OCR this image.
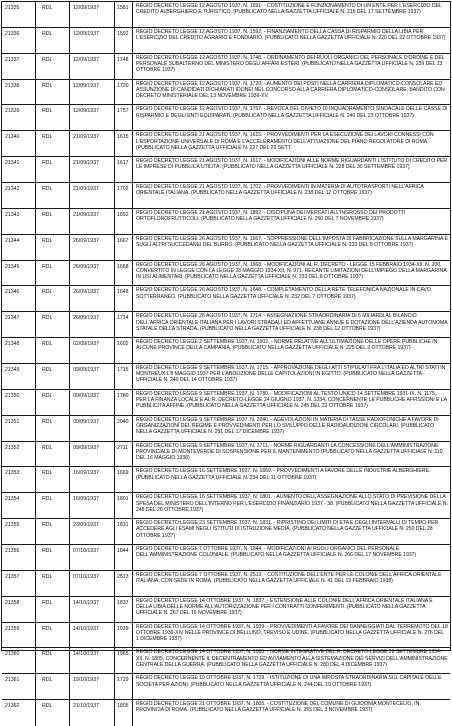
21335	RDL	12/09/1937	1581	REGIO DECRETO LEGGE 12 AGOSTO 1937, N. 1591. - COSTITUZIONE E FUNZIONAMENTO DI UN ENTE PER L'ESERCIZIO DEL CREDITO ALBERGHIERO E TURISTICO. (PUBBLICATO NELLA GAZZETTA UFFICIALE N. 215 DEL 17 SETTEMBRE 1937)
21336	RDL	12/09/1937	1592	REGIO DECRETO LEGGE 12 AGOSTO 1937, N. 1592. - FINANZIAMENTO DELLA CASSA DI RISPARMIO DELLA LIBIA PER L'ESERCIZIO DEL CREDITO AGRARIO E FONDIARIO. (PUBBLICATO NELLA GAZZETTA UFFICIALE N. 220 DEL 22 OTTOBRE 1937)
21337	RDL	12/09/1937	1748	REGIO DECRETO LEGGE 12 AGOSTO 1937, N. 1748. - ORDINAMENTO DEI RUOLI ORGANICI DEL PERSONALE D'ORDINE E DEL PERSONALE SUBALTERNO DEL MINISTERO DEGLI AFFARI ESTERI. (PUBBLICATO NELLA GAZZETTA UFFICIALE N. 239 DEL 13 OTTOBRE 1937)
21338	RDL	12/09/1937	1720	REGIO DECRETO LEGGE 12 AGOSTO 1937, N. 1720. - AUMENTO DEI POSTI NELLA CARRIERA DIPLOMATICO-CONSOLARE ED ASSUNZIONE DI CANDIDATI DICHIARATI IDONEI NEL CONCORSO ALLA CARRIERA DIPLOMATICO-CONSOLARE, BANDITO CON DECRETO MINISTERIALE DEL 13 NOVEMBRE 1936-XV.
21339	RDL	12/09/1937	1757	REGIO DECRETO LEGGE 12 AGOSTO 1937, N. 1757. - REVOCA DEL DIVIETO DI INQUADRAMENTO SINDACALE DELLE CASSE DI RISPARMIO E DEGLI ENTI EQUIPARATI. (PUBBLICATO NELLA GAZZETTA UFFICIALE N. 240 DEL 23 OTTOBRE 1937)
21340	RDL	21/09/1937	1615	REGIO DECRETO LEGGE 21 AGOSTO 1937, N. 1615. - PROVVEDIMENTI PER LA ESECUZIONE DEI LAVORI CONNESSI CON L'ESPORTAZIONE UNIVERSALE DI ROMA E L'ACCELERAMENTO DELL'ATTUAZIONE DEL PIANO REGOLATORE DI ROMA. (PUBBLICATO NELLA GAZZETTA UFFICIALE N. 227 DEL 29 SETT
21341	RDL	21/09/1937	1617	REGIO DECRETO LEGGE 21 AGOSTO 1937, N. 1617. - MODIFICAZIONI ALLE NORME RIGUARDANTI L'ISTITUTO DI CREDITO PER LE IMPRESE DI PUBBLICA UTILITA. (PUBBLICATO NELLA GAZZETTA UFFICIALE N. 228 DEL 30 SETTEMBRE 1937)
21342	RDL	21/09/1937	1702	REGIO DECRETO LEGGE 21 AGOSTO 1937, N. 1702. - PROVVEDIMENTI IN MATERIA DI AUTOTRASPORTI NELL'AFRICA ORIENTALE ITALIANA. (PUBBLICATO NELLA GAZZETTA UFFICIALE N. 238 DEL 12 OTTOBRE 1937)
21343	RDL	21/09/1937	1892	REGIO DECRETO LEGGE 21 AGOSTO 1937, N. 1892. - DISCIPLINA DEI MERCATI ALL'INGROSSO DEI PRODOTTI ORTOFLOROFRUTTICOLI. (PUBBLICATO NELLA GAZZETTA UFFICIALE N. 260 DEL 7 NOVEMBRE 1937)
21344	RDL	26/09/1937	1667	REGIO DECRETO LEGGE 26 AGOSTO 1937, N. 1667. - SOPPRESSIONE DELL'IMPOSTA DI FABBRICAZIONE SULLA MARGARINA E SUGLI ALTRI SUCCEDANEI DEL BURRO. (PUBBLICATO NELLA GAZZETTA UFFICIALE N. 233 DEL 8 OTTOBRE 1937)
21345	RDL	26/09/1937	1668	REGIO DECRETO LEGGE 26 AGOSTO 1937, N. 1668. - MODIFICAZIONI AL R. DECRETO - LEGGE 15 FEBBRAIO 1934-XII, N. 200, CONVERTITO IN LEGGE CON LA LEGGE 28 MAGGIO 1934-XII, N. 971, RECANTE LIMITAZIONI DELL'IMPIEGO DELLA MARGARINA IN USI ALIMENTARI. (PUBBLICATO NELLA GAZZETTA UFFICIALE N. 233 DEL 8 OTTOBRE 1937)
21346	RDL	26/09/1937	1648	REGIO DECRETO LEGGE 26 AGOSTO 1937, N. 1648. - COMPLETAMENTO DELLA RETE TELEFONICA NAZIONALE IN CAVO SOTTERRANEO. (PUBBLICATO NELLA GAZZETTA UFFICIALE N. 232 DEL 7 OTTOBRE 1937)
21347	RDL	26/09/1937	1714	REGIO DECRETO LEGGE 26 AGOSTO 1937, N. 1714. - ASSEGNAZIONE STRAORDINARIA DI 5 MILIARDI AL BILANCIO DELL'AFRICA ORIENTALE ITALIANA PER I LAVORI STRADALI ED AFFETTUANE ANNUE E DOTAZIONE DELL'AZIENDA AUTONOMA STATALE DELLA STRADA. (PUBBLICATO NELLA GAZZETTA UFFICIALE N. 238 DEL 12 OTTOBRE 1937)
21348	RDL	02/09/1937	1602	REGIO DECRETO LEGGE 2 SETTEMBRE 1937, N. 1602. - NORME RELATIVE ALL'ULTIMAZIONE DELLE OPERE PUBBLICHE IN ALCUNE PROVINCE DELLA CAMPANIA. (PUBBLICATO NELLA GAZZETTA UFFICIALE N. 225 DEL 2 OTTOBRE 1937)
21349	RDL	09/09/1937	1715	REGIO DECRETO LEGGE 9 SETTEMBRE 1937, N. 1715. - APPROVAZIONE DEGLI ATTI STIPULATI FRA L'ITALIA ED ALTRI STATI IN MONTREUX L'8 MAGGIO 1937 PER L'ABOLIZIONE DELLE CAPITOLAZIONI IN EGITTO. (PUBBLICATO NELLA GAZZETTA UFFICIALE N. 240 DEL 14 OTTOBRE 1937)
21350	RDL	09/09/1937	1780	REGIO DECRETO LEGGE 9 SETTEMBRE 1937, N. 1780. - MODIFICAZIONI AL TESTO UNICO 14 SETTEMBRE 1931-IX, N. 1175, PER LA FINANZA LOCALE E AL R. DECRETO-LEGGE 24 GIUGNO 1937, N. 1334, CONCERNENTE LE PUBBLICHE AFFISSIONI E LA PUBBLICITA AFFINE. (PUBBLICATO NELLA GAZZETTA UFFICIALE N. 245 DEL 22 OTTOBRE 1937)
21351	RDL	09/09/1937	2040	REGIO DECRETO LEGGE 9 SETTEMBRE 1937, N. 2040. - AGEVOLAZIONI IN MATERIA DI TASSE RADIOFONICHE A FAVORE DI ORGANIZZAZIONI DEL REGIME E PROVVEDIMENTI PER LO SVILUPPO DELLE RADIOAUDIZIONI CIRCOLARI. (PUBBLICATO NELLA GAZZETTA UFFICIALE N. 291 DEL 17 DICEMBRE 1937)
21352	RDL	09/09/1937	2711	REGIO DECRETO LEGGE 9 SETTEMBRE 1937, N. 2711. - NORME RIGUARDANTI LA CONCESSIONE DELL'AMMINISTRAZIONE PROVINCIALE DI MONTEVERDE DI SOSPENSIONE PER IL MANTENIMENTO (PUBBLICATO NELLA GAZZETTA UFFICIALE N. 110 DEL 16 MAGGIO 1938)
21353	RDL	16/09/1937	1669	REGIO DECRETO LEGGE 16 SETTEMBRE 1937, N. 1669. - PROVVEDIMENTI A FAVORE DELLE INDUSTRIE ALBERGHIERE. (PUBBLICATO NELLA GAZZETTA UFFICIALE N. 234 DEL 11 OTTOBRE 1937)
21354	RDL	16/09/1937	1801	REGIO DECRETO LEGGE 16 SETTEMBRE 1937, N. 1801. - AUMENTO DELL'ASSEGNAZIONE ALLO STATO DI PREVISIONE DELLA SPESA DEL MINISTERO DELL'INTERNO PER L'ESERCIZIO FINANZIARIO 1937 - 38. (PUBBLICATO NELLA GAZZETTA UFFICIALE N. 248 DEL 26 OTTOBRE 1937)
21355	RDL	23/09/1937	1831	REGIO DECRETO LEGGE 23 SETTEMBRE 1937, N. 1831. - RIPRISTINO DEI LIMITI DI ETA E DEGLI INTERVALLI DI TEMPO PER ACCEDERE AGLI ESAMI NEGLI ISTITUTI DI ISTRUZIONE MEDIA. (PUBBLICATO NELLA GAZZETTA UFFICIALE N. 250 DEL 28 OTTOBRE 1937)
21356	RDL	07/10/1937	1844	REGIO DECRETO LEGGE 7 OTTOBRE 1937, N. 1844. - MODIFICAZIONI AI RUOLI ORGANICI DEL PERSONALE DELL'AMMINISTRAZIONE COLONIALE. (PUBBLICATO NELLA GAZZETTA UFFICIALE N. 266 DEL 17 NOVEMBRE 1937)
21357	RDL	07/10/1937	2513	REGIO DECRETO LEGGE 7 OTTOBRE 1937, N. 2513. - COSTITUZIONE DELL'ENTE PER LE COLONIE DELL'AFRICA ORIENTALE ITALIANA, CON SEDE IN ROMA. (PUBBLICATO NELLA GAZZETTA UFFICIALE N. 41 DEL 19 FEBBRAIO 1938)
21358	RDL	14/10/1937	1837	REGIO DECRETO LEGGE 14 OTTOBRE 1937, N. 1837. - ESTENSIONE ALLE COLONIE DELL'AFRICA ORIENTALE ITALIANA E DELLA LIBIA DELLE NORME ALL'AUTORIZZAZIONE PER I CONTRATTI CONFERIMENTI. (PUBBLICATO NELLA GAZZETTA UFFICIALE N. 267 DEL 16 NOVEMBRE 1937)
21359	RDL	14/10/1937	1939	REGIO DECRETO LEGGE 14 OTTOBRE 1937, N. 1939. - PROVVEDIMENTI A FAVORE DEI DANNEGGIATI DAL TERREMOTO DEL 18 OTTOBRE 1936-XIV NELLE PROVINCE DI BELLUNO, TREVISO E UDINE. (PUBBLICATO NELLA GAZZETTA UFFICIALE N. 276 DEL 1 DICEMBRE 1937)
21360	RDL	14/10/1937	1965	REGIO DECRETO LEGGE 14 OTTOBRE 1937, N. 1965. - NORME INTEGRATIVE DEL R. DECRETO-LEGGE 28 SETTEMBRE 1934-XII, N. 1805, CONCERNENTE IL DECENTRAMENTO ED AVVIAMENTO ALLA SISTEMAZIONE DEI SERVIZI DELL'AMMINISTRAZIONE CENTRALE DELLA GUERRA. (PUBBLICATO NELLA GAZZETTA UFFICIALE N. 280 DEL 4 DICEMBRE 1937)
21361	RDL	19/10/1937	1729	REGIO DECRETO LEGGE 19 OTTOBRE 1937, N. 1729. - ISTITUZIONE DI UNA IMPOSTA STRAORDINARIA SUL CAPITALE DELLE SOCIETA PER AZIONI. (PUBBLICATO NELLA GAZZETTA UFFICIALE N. 244 DEL 19 OTTOBRE 1937)
21362	RDL	21/10/1937	1805	REGIO DECRETO LEGGE 21 OTTOBRE 1937, N. 1805. - COSTITUZIONE DEL COMUNE DI GUIDONIA MONTECELIO, IN PROVINCIA DI ROMA. (PUBBLICATO NELLA GAZZETTA UFFICIALE N. 255 DEL 3 NOVEMBRE 1937)
